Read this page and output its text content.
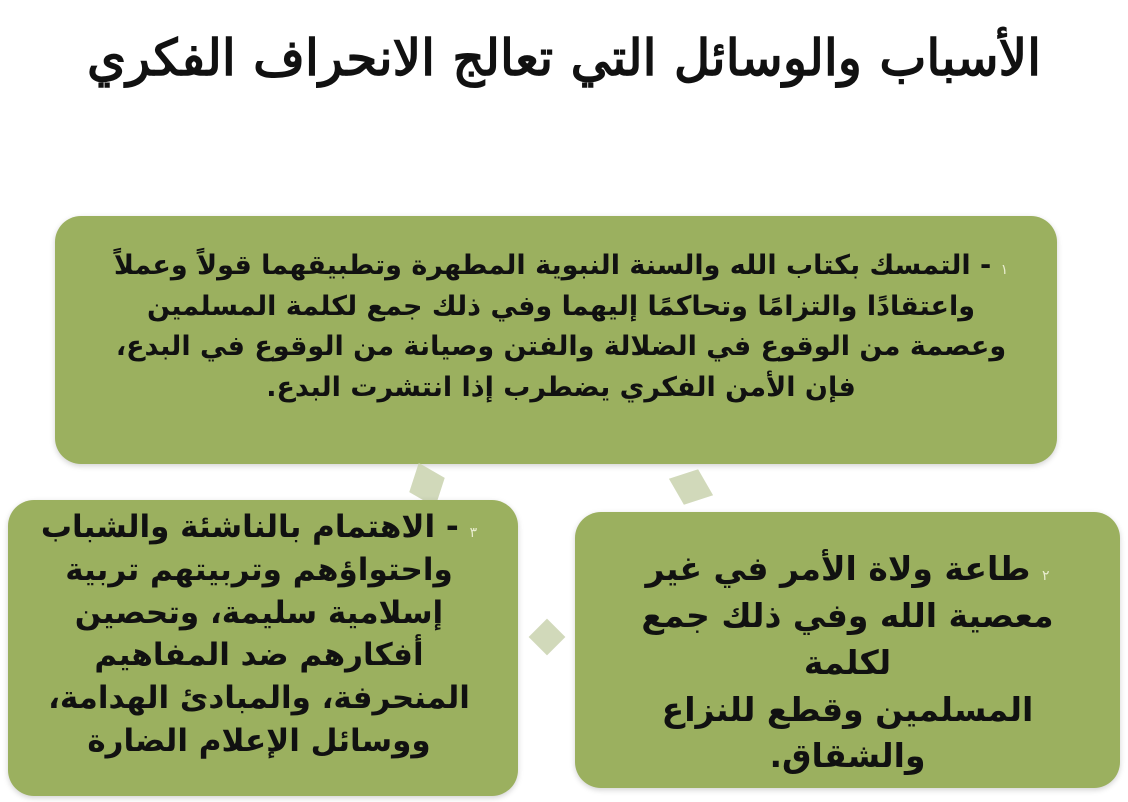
الأسباب والوسائل التي تعالج الانحراف الفكري
١ - التمسك بكتاب الله والسنة النبوية المطهرة وتطبيقهما قولاً وعملاً
واعتقادًا والتزامًا وتحاكمًا إليهما وفي ذلك جمع لكلمة المسلمين
وعصمة من الوقوع في الضلالة والفتن وصيانة من الوقوع في البدع،
فإن الأمن الفكري يضطرب إذا انتشرت البدع.
٢ طاعة ولاة الأمر في غير
معصية الله وفي ذلك جمع لكلمة
المسلمين وقطع للنزاع
والشقاق.
٣ - الاهتمام بالناشئة والشباب
واحتواؤهم وتربيتهم تربية
إسلامية سليمة، وتحصين
أفكارهم ضد المفاهيم
المنحرفة، والمبادئ الهدامة،
ووسائل الإعلام الضارة
